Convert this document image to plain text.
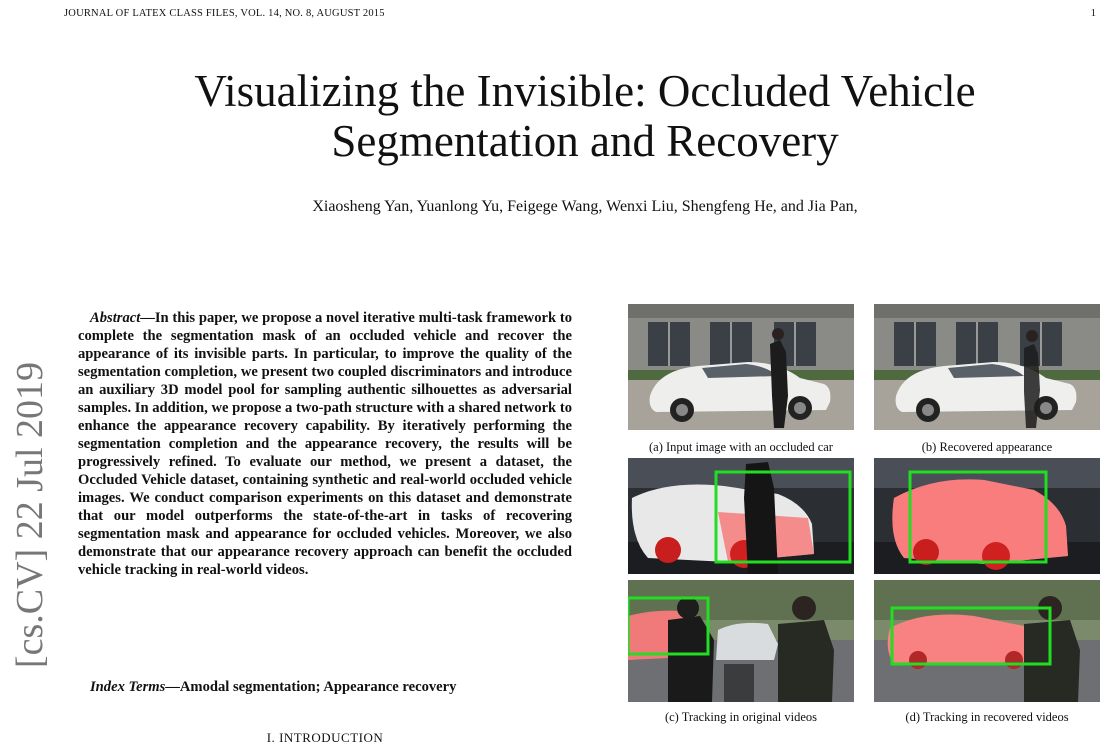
JOURNAL OF LATEX CLASS FILES, VOL. 14, NO. 8, AUGUST 2015	1
Visualizing the Invisible: Occluded Vehicle
Segmentation and Recovery
Xiaosheng Yan, Yuanlong Yu, Feigege Wang, Wenxi Liu, Shengfeng He, and Jia Pan,
[cs.CV] 22 Jul 2019

Abstract—In this paper, we propose a novel iterative multi-task framework to complete the segmentation mask of an occluded vehicle and recover the appearance of its invisible parts. In particular, to improve the quality of the segmentation completion, we present two coupled discriminators and introduce an auxiliary 3D model pool for sampling authentic silhouettes as adversarial samples. In addition, we propose a two-path structure with a shared network to enhance the appearance recovery capability. By iteratively performing the segmentation completion and the appearance recovery, the results will be progressively refined. To evaluate our method, we present a dataset, the Occluded Vehicle dataset, containing synthetic and real-world occluded vehicle images. We conduct comparison experiments on this dataset and demonstrate that our model outperforms the state-of-the-art in tasks of recovering segmentation mask and appearance for occluded vehicles. Moreover, we also demonstrate that our appearance recovery approach can benefit the occluded vehicle tracking in real-world videos.

Index Terms—Amodal segmentation; Appearance recovery
I. INTRODUCTION
(a) Input image with an occluded car	(b) Recovered appearance
(c) Tracking in original videos	(d) Tracking in recovered videos
